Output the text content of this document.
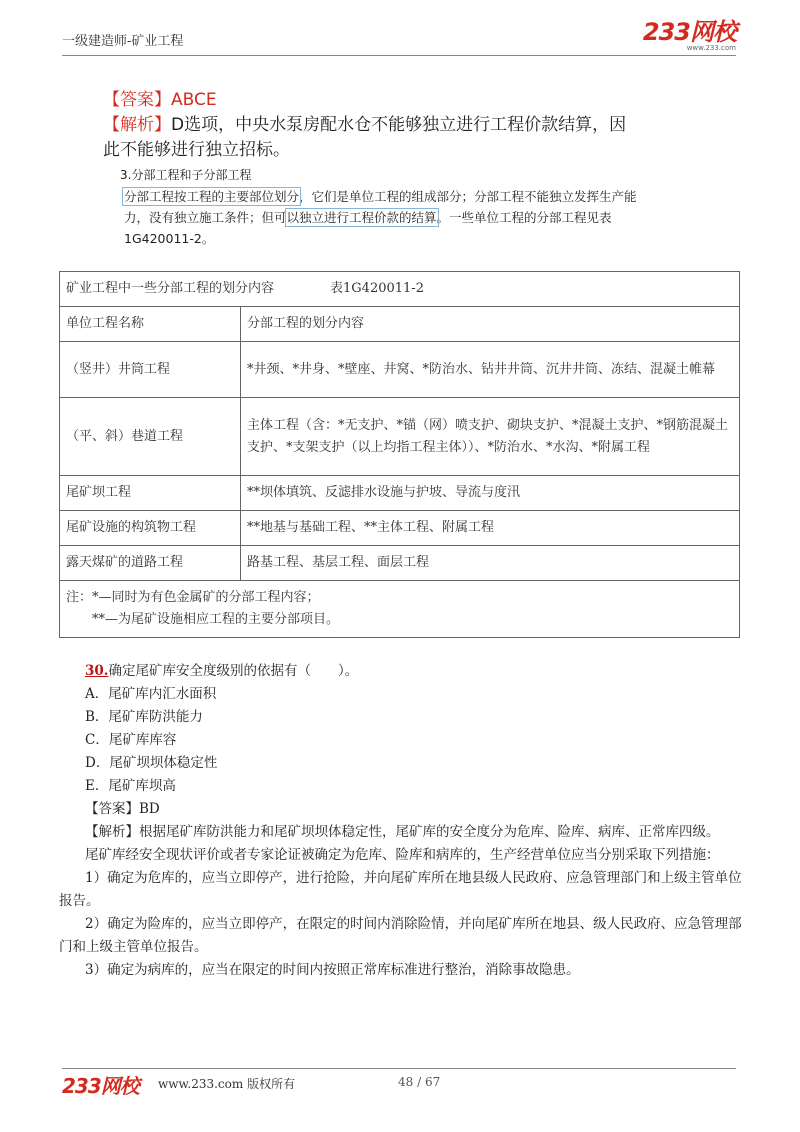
一级建造师-矿业工程	233网校
www.233.com
【答案】ABCE
【解析】D选项，中央水泵房配水仓不能够独立进行工程价款结算，因
此不能够进行独立招标。
3.分部工程和子分部工程
分部工程按工程的主要部位划分，它们是单位工程的组成部分；分部工程不能独立发挥生产能力，没有独立施工条件；但可以独立进行工程价款的结算。一些单位工程的分部工程见表1G420011-2。
矿业工程中一些分部工程的划分内容 表1G420011-2	
单位工程名称	分部工程的划分内容
（竖井）井筒工程	*井颈、*井身、*壁座、井窝、*防治水、钻井井筒、沉井井筒、冻结、混凝土帷幕
（平、斜）巷道工程	主体工程（含：*无支护、*锚（网）喷支护、砌块支护、*混凝土支护、*钢筋混凝土支护、*支架支护（以上均指工程主体））、*防治水、*水沟、*附属工程
尾矿坝工程	**坝体填筑、反滤排水设施与护坡、导流与度汛
尾矿设施的构筑物工程	**地基与基础工程、**主体工程、附属工程
露天煤矿的道路工程	路基工程、基层工程、面层工程
注：*—同时为有色金属矿的分部工程内容；
**—为尾矿设施相应工程的主要分部项目。	

30.确定尾矿库安全度级别的依据有（　　）。

A．尾矿库内汇水面积

B．尾矿库防洪能力

C．尾矿库库容

D．尾矿坝坝体稳定性

E．尾矿库坝高

【答案】BD

【解析】根据尾矿库防洪能力和尾矿坝坝体稳定性，尾矿库的安全度分为危库、险库、病库、正常库四级。

尾矿库经安全现状评价或者专家论证被确定为危库、险库和病库的，生产经营单位应当分别采取下列措施：

1）确定为危库的，应当立即停产，进行抢险，并向尾矿库所在地县级人民政府、应急管理部门和上级主管单位报告。

2）确定为险库的，应当立即停产，在限定的时间内消除险情，并向尾矿库所在地县、级人民政府、应急管理部门和上级主管单位报告。

3）确定为病库的，应当在限定的时间内按照正常库标准进行整治，消除事故隐患。

233网校 www.233.com 版权所有	48 / 67
